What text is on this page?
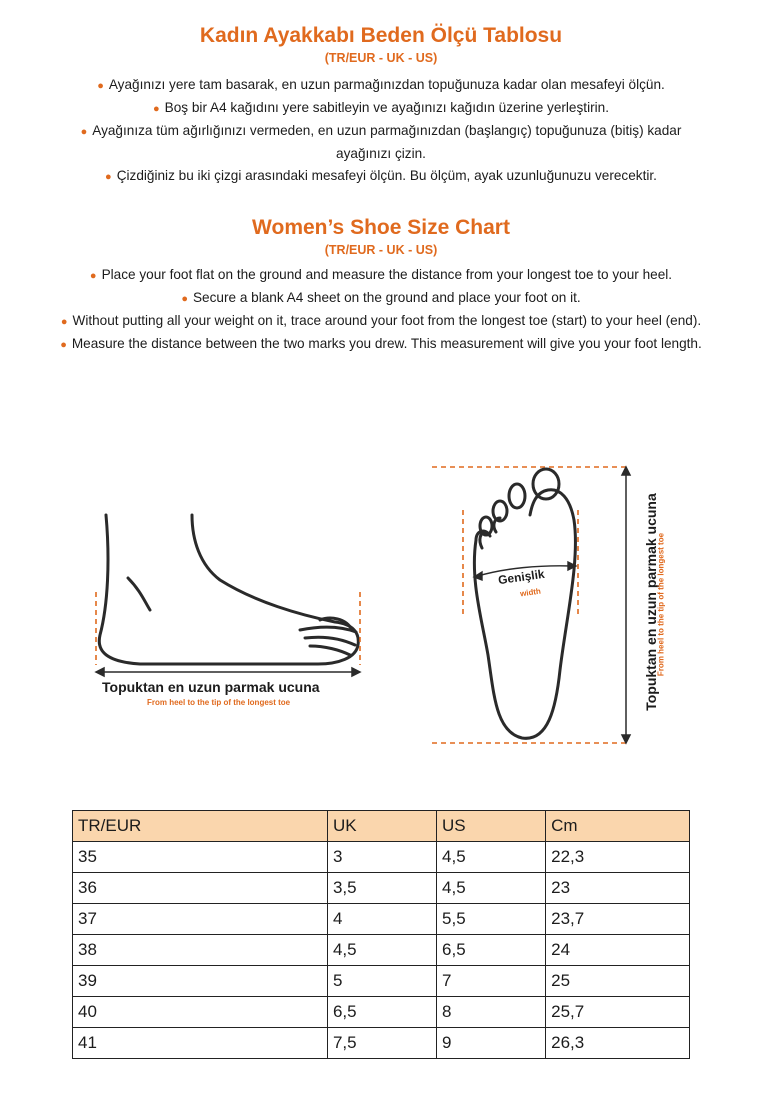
Kadın Ayakkabı Beden Ölçü Tablosu
(TR/EUR - UK - US)
● Ayağınızı yere tam basarak, en uzun parmağınızdan topuğunuza kadar olan mesafeyi ölçün.
● Boş bir A4 kağıdını yere sabitleyin ve ayağınızı kağıdın üzerine yerleştirin.
● Ayağınıza tüm ağırlığınızı vermeden, en uzun parmağınızdan (başlangıç) topuğunuza (bitiş) kadar ayağınızı çizin.
● Çizdiğiniz bu iki çizgi arasındaki mesafeyi ölçün. Bu ölçüm, ayak uzunluğunuzu verecektir.
Women’s Shoe Size Chart
(TR/EUR - UK - US)
● Place your foot flat on the ground and measure the distance from your longest toe to your heel.
● Secure a blank A4 sheet on the ground and place your foot on it.
● Without putting all your weight on it, trace around your foot from the longest toe (start) to your heel (end).
● Measure the distance between the two marks you drew. This measurement will give you your foot length.
Topuktan en uzun parmak ucuna
From heel to the tip of the longest toe
Genişlik
width	Topuktan en uzun parmak ucuna
From heel to the tip of the longest toe
TR/EUR	UK	US	Cm
35	3	4,5	22,3
36	3,5	4,5	23
37	4	5,5	23,7
38	4,5	6,5	24
39	5	7	25
40	6,5	8	25,7
41	7,5	9	26,3
